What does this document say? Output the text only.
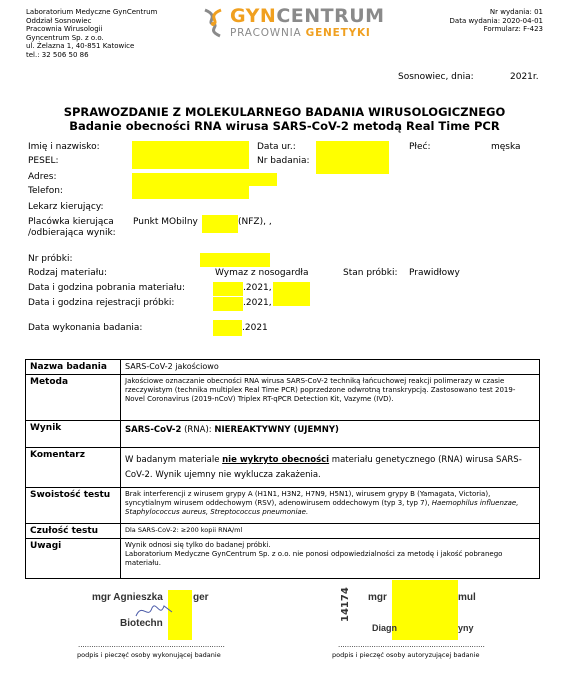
Laboratorium Medyczne GynCentrum
Oddział Sosnowiec
Pracownia Wirusologii
Gyncentrum Sp. z o.o.
ul. Żelazna 1, 40-851 Katowice
tel.: 32 506 50 86
GYNCENTRUM
PRACOWNIA GENETYKI
Nr wydania: 01
Data wydania: 2020-04-01
Formularz: F-423
Sosnowiec, dnia:	2021r.
SPRAWOZDANIE Z MOLEKULARNEGO BADANIA WIRUSOLOGICZNEGO
Badanie obecności RNA wirusa SARS-CoV-2 metodą Real Time PCR
Imię i nazwisko:	Data ur.:	Płeć:	męska
PESEL:	Nr badania:
Adres:
Telefon:
Lekarz kierujący:
Placówka kierująca
/odbierająca wynik:
Punkt MObilny	(NFZ), ,
Nr próbki:
Rodzaj materiału:	Wymaz z nosogardła	Stan próbki: Prawidłowy
Data i godzina pobrania materiału:	.2021,
Data i godzina rejestracji próbki:	.2021,
Data wykonania badania:	.2021
Nazwa badania	SARS-CoV-2 jakościowo
Metoda	Jakościowe oznaczanie obecności RNA wirusa SARS-CoV-2 techniką łańcuchowej reakcji polimerazy w czasie rzeczywistym (technika multiplex Real Time PCR) poprzedzone odwrotną transkrypcją. Zastosowano test 2019-Novel Coronavirus (2019-nCoV) Triplex RT-qPCR Detection Kit, Vazyme (IVD).
Wynik	SARS-CoV-2 (RNA): NIEREAKTYWNY (UJEMNY)
Komentarz	W badanym materiale nie wykryto obecności materiału genetycznego (RNA) wirusa SARS-CoV-2. Wynik ujemny nie wyklucza zakażenia.
Swoistość testu	Brak interferencji z wirusem grypy A (H1N1, H3N2, H7N9, H5N1), wirusem grypy B (Yamagata, Victoria), syncytialnym wirusem oddechowym (RSV), adenowirusem oddechowym (typ 3, typ 7), Haemophilus influenzae, Staphylococcus aureus, Streptococcus pneumoniae.
Czułość testu	Dla SARS-CoV-2: ≥200 kopii RNA/ml
Uwagi	Wynik odnosi się tylko do badanej próbki.
Laboratorium Medyczne GynCentrum Sp. z o.o. nie ponosi odpowiedzialności za metodę i jakość pobranego materiału.
mgr Agnieszka	ger
Biotechn
14174 mgr	mul
Diagn	yny
..................................................................	..................................................................
podpis i pieczęć osoby wykonującej badanie	podpis i pieczęć osoby autoryzującej badanie
